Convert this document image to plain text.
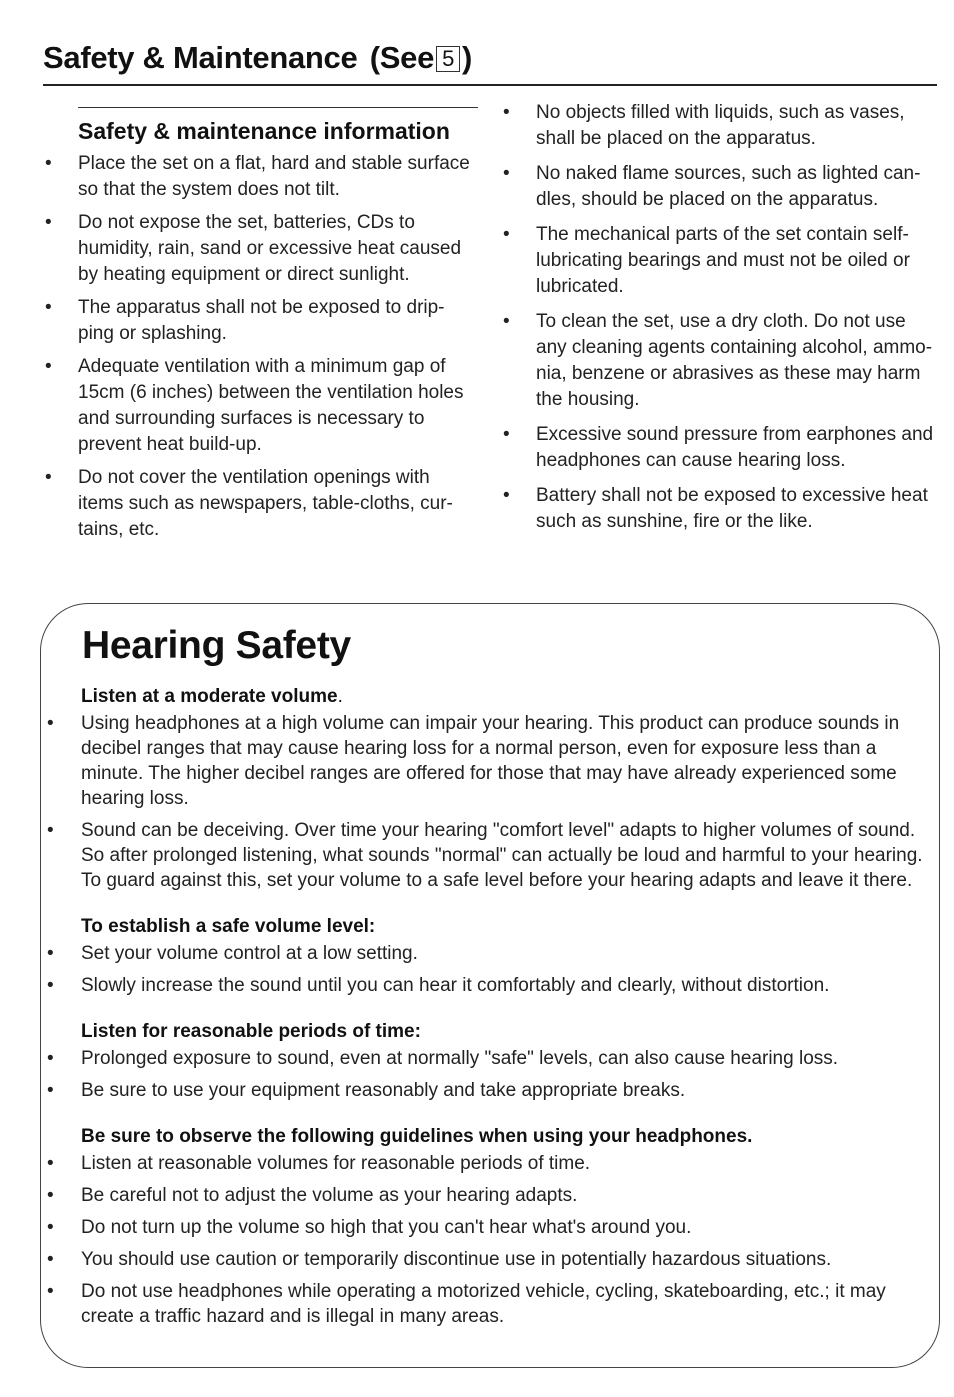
Safety & Maintenance (See 5 )
Safety & maintenance information
• Place the set on a flat, hard and stable surface so that the system does not tilt.
• Do not expose the set, batteries, CDs to humidity, rain, sand or excessive heat caused by heating equipment or direct sunlight.
• The apparatus shall not be exposed to drip- ping or splashing.
• Adequate ventilation with a minimum gap of 15cm (6 inches) between the ventilation holes and surrounding surfaces is necessary to prevent heat build-up.
• Do not cover the ventilation openings with items such as newspapers, table-cloths, cur- tains, etc.
• No objects filled with liquids, such as vases, shall be placed on the apparatus.
• No naked flame sources, such as lighted can- dles, should be placed on the apparatus.
• The mechanical parts of the set contain self- lubricating bearings and must not be oiled or lubricated.
• To clean the set, use a dry cloth. Do not use any cleaning agents containing alcohol, ammo- nia, benzene or abrasives as these may harm the housing.
• Excessive sound pressure from earphones and headphones can cause hearing loss.
• Battery shall not be exposed to excessive heat such as sunshine, fire or the like.
Hearing Safety
Listen at a moderate volume.
• Using headphones at a high volume can impair your hearing. This product can produce sounds in decibel ranges that may cause hearing loss for a normal person, even for exposure less than a minute. The higher decibel ranges are offered for those that may have already experienced some hearing loss.
• Sound can be deceiving. Over time your hearing "comfort level" adapts to higher volumes of sound. So after prolonged listening, what sounds "normal" can actually be loud and harmful to your hearing. To guard against this, set your volume to a safe level before your hearing adapts and leave it there.
To establish a safe volume level:
• Set your volume control at a low setting.
• Slowly increase the sound until you can hear it comfortably and clearly, without distortion.
Listen for reasonable periods of time:
• Prolonged exposure to sound, even at normally "safe" levels, can also cause hearing loss.
• Be sure to use your equipment reasonably and take appropriate breaks.
Be sure to observe the following guidelines when using your headphones.
• Listen at reasonable volumes for reasonable periods of time.
• Be careful not to adjust the volume as your hearing adapts.
• Do not turn up the volume so high that you can't hear what's around you.
• You should use caution or temporarily discontinue use in potentially hazardous situations.
• Do not use headphones while operating a motorized vehicle, cycling, skateboarding, etc.; it may create a traffic hazard and is illegal in many areas.
